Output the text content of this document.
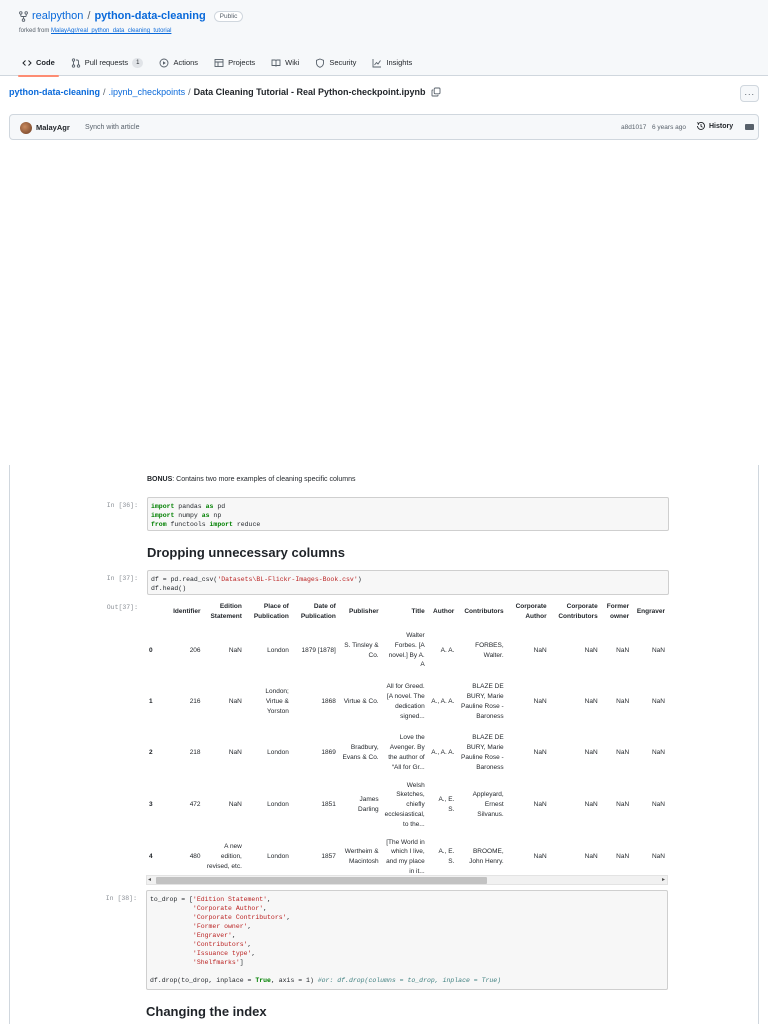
realpython / python-data-cleaning	Public
forked from MalayAgr/real_python_data_cleaning_tutorial
Code	Pull requests	1	Actions	Projects	Wiki	Security	Insights
python-data-cleaning / .ipynb_checkpoints / Data Cleaning Tutorial - Real Python-checkpoint.ipynb	···
MalayAgr Synch with article	a8d1017 6 years ago	History
BONUS: Contains two more examples of cleaning specific columns
In [36]:	import pandas as pd
import numpy as np
from functools import reduce
Dropping unnecessary columns
In [37]:	df = pd.read_csv('Datasets\BL-Flickr-Images-Book.csv')
df.head()
Out[37]:
	Identifier	Edition Statement	Place of Publication	Date of Publication	Publisher	Title	Author	Contributors	Corporate Author	Corporate Contributors	Former owner	Engraver
0	206	NaN	London	1879 [1878]	S. Tinsley & Co.	Walter Forbes. [A novel.] By A. A	A. A.	FORBES, Walter.	NaN	NaN	NaN	NaN
1	216	NaN	London; Virtue & Yorston	1868	Virtue & Co.	All for Greed. [A novel. The dedication signed...	A., A. A.	BLAZE DE BURY, Marie Pauline Rose - Baroness	NaN	NaN	NaN	NaN
2	218	NaN	London	1869	Bradbury, Evans & Co.	Love the Avenger. By the author of “All for Gr...	A., A. A.	BLAZE DE BURY, Marie Pauline Rose - Baroness	NaN	NaN	NaN	NaN
3	472	NaN	London	1851	James Darling	Welsh Sketches, chiefly ecclesiastical, to the...	A., E. S.	Appleyard, Ernest Silvanus.	NaN	NaN	NaN	NaN
4	480	A new edition, revised, etc.	London	1857	Wertheim & Macintosh	[The World in which I live, and my place in it...	A., E. S.	BROOME, John Henry.	NaN	NaN	NaN	NaN
◂	▸
In [38]:	to_drop = ['Edition Statement',
'Corporate Author',
'Corporate Contributors',
'Former owner',
'Engraver',
'Contributors',
'Issuance type',
'Shelfmarks']

df.drop(to_drop, inplace = True, axis = 1) #or: df.drop(columns = to_drop, inplace = True)
Changing the index
